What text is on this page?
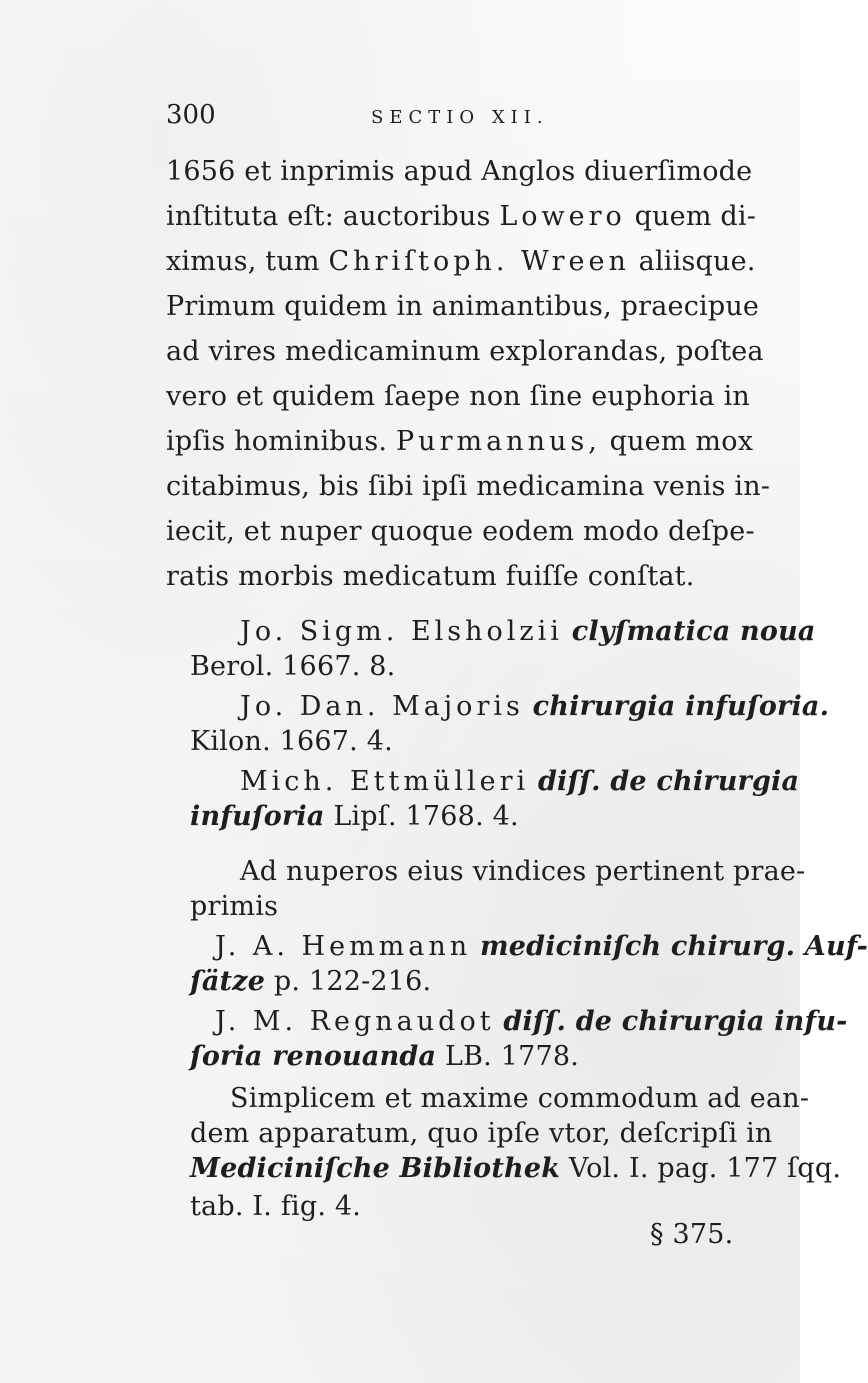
300	SECTIO XII.
1656 et inprimis apud Anglos diuerſimode
inſtituta eſt: auctoribus Lowero quem di-
ximus, tum Chriſtoph. Wreen aliisque.
Primum quidem in animantibus, praecipue
ad vires medicaminum explorandas, poſtea
vero et quidem ſaepe non ſine euphoria in
ipſis hominibus. Purmannus, quem mox
citabimus, bis ſibi ipſi medicamina venis in-
iecit, et nuper quoque eodem modo deſpe-
ratis morbis medicatum fuiſſe conſtat.
Jo. Sigm. Elsholzii clyſmatica noua
Berol. 1667. 8.
Jo. Dan. Majoris chirurgia infuſoria.
Kilon. 1667. 4.
Mich. Ettmülleri diſſ. de chirurgia
infuſoria Lipſ. 1768. 4.
Ad nuperos eius vindices pertinent prae-
primis
J. A. Hemmann mediciniſch chirurg. Auf-
ſätze p. 122-216.
J. M. Regnaudot diſſ. de chirurgia infu-
ſoria renouanda LB. 1778.
Simplicem et maxime commodum ad ean-
dem apparatum, quo ipſe vtor, deſcripſi in
Mediciniſche Bibliothek Vol. I. pag. 177 ſqq.
tab. I. fig. 4.
§ 375.
